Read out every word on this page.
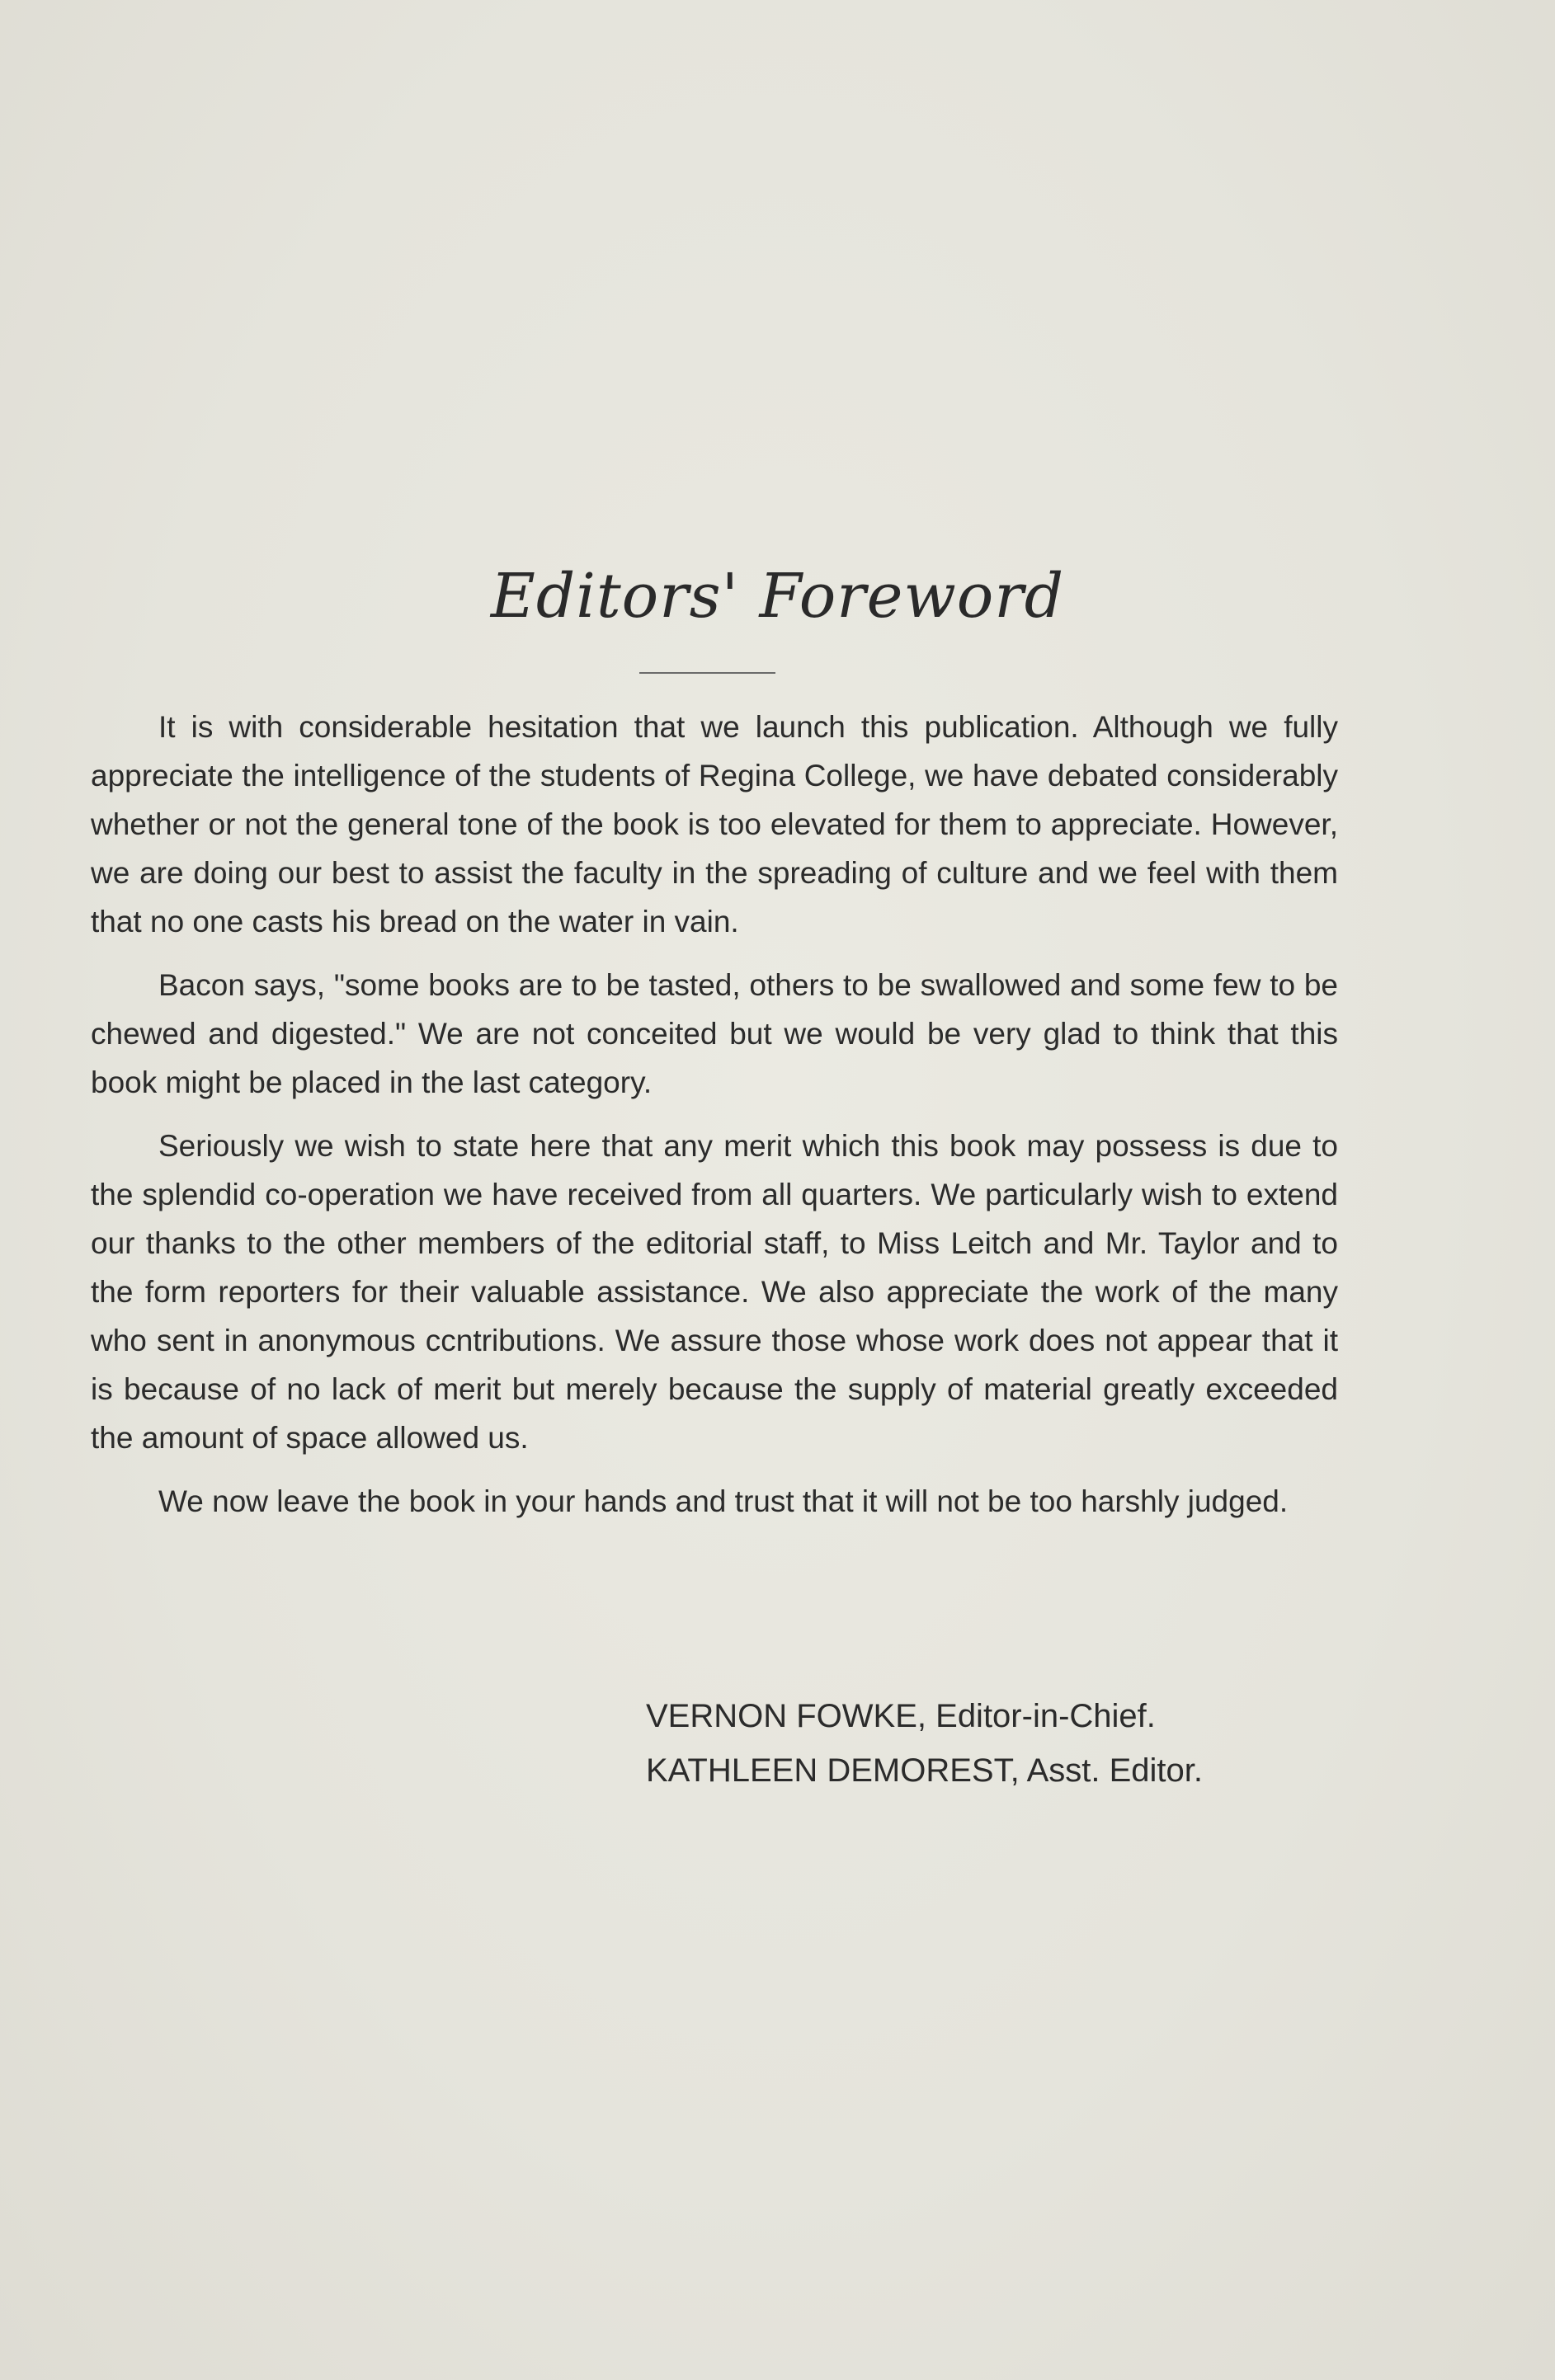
Editors' Foreword

It is with considerable hesitation that we launch this publication. Although we fully appreciate the intelligence of the students of Regina College, we have debated considerably whether or not the general tone of the book is too elevated for them to appreciate. However, we are doing our best to assist the faculty in the spreading of culture and we feel with them that no one casts his bread on the water in vain.

Bacon says, "some books are to be tasted, others to be swallowed and some few to be chewed and digested." We are not conceited but we would be very glad to think that this book might be placed in the last category.

Seriously we wish to state here that any merit which this book may possess is due to the splendid co-operation we have received from all quarters. We particularly wish to extend our thanks to the other members of the editorial staff, to Miss Leitch and Mr. Taylor and to the form reporters for their valuable assistance. We also appreciate the work of the many who sent in anonymous ccntributions. We assure those whose work does not appear that it is because of no lack of merit but merely because the supply of material greatly exceeded the amount of space allowed us.

We now leave the book in your hands and trust that it will not be too harshly judged.

VERNON FOWKE, Editor-in-Chief.
KATHLEEN DEMOREST, Asst. Editor.
